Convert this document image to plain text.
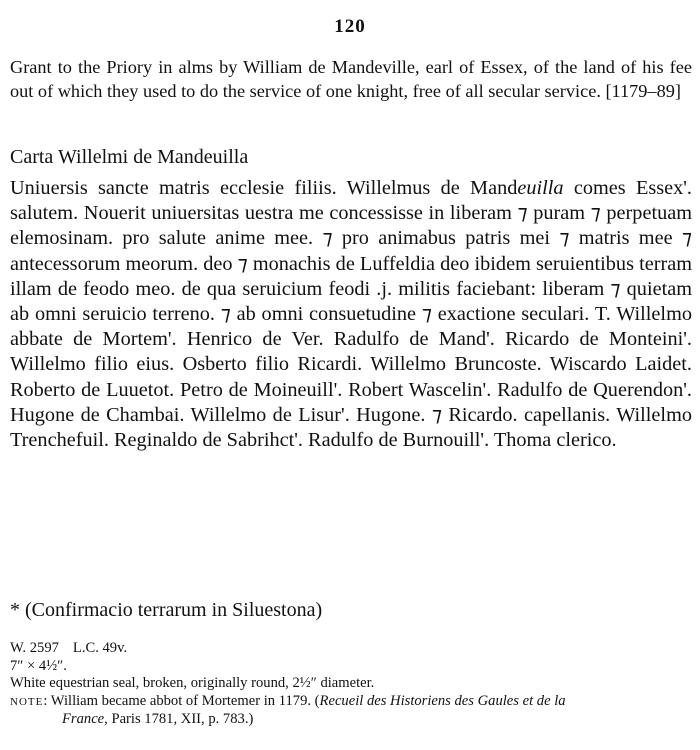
120
Grant to the Priory in alms by William de Mandeville, earl of Essex, of the land of his fee out of which they used to do the service of one knight, free of all secular service. [1179–89]
Carta Willelmi de Mandeuilla
Uniuersis sancte matris ecclesie filiis. Willelmus de Mandeuilla comes Essex'. salutem. Nouerit uniuersitas uestra me concessisse in liberam ⁊ puram ⁊ perpetuam elemosinam. pro salute anime mee. ⁊ pro animabus patris mei ⁊ matris mee ⁊ antecessorum meorum. deo ⁊ monachis de Luffeldia deo ibidem seruientibus terram illam de feodo meo. de qua seruicium feodi .j. militis faciebant: liberam ⁊ quietam ab omni seruicio terreno. ⁊ ab omni consuetudine ⁊ exactione seculari. T. Willelmo abbate de Mortem'. Henrico de Ver. Radulfo de Mand'. Ricardo de Monteini'. Willelmo filio eius. Osberto filio Ricardi. Willelmo Bruncoste. Wiscardo Laidet. Roberto de Luuetot. Petro de Moineuill'. Robert Wascelin'. Radulfo de Querendon'. Hugone de Chambai. Willelmo de Lisur'. Hugone. ⁊ Ricardo. capellanis. Willelmo Trenchefuil. Reginaldo de Sabrihct'. Radulfo de Burnouill'. Thoma clerico.
* (Confirmacio terrarum in Siluestona)
W. 2597 L.C. 49v.
7″ × 4½″.
White equestrian seal, broken, originally round, 2½″ diameter.
NOTE: William became abbot of Mortemer in 1179. (Recueil des Historiens des Gaules et de la
France, Paris 1781, XII, p. 783.)
